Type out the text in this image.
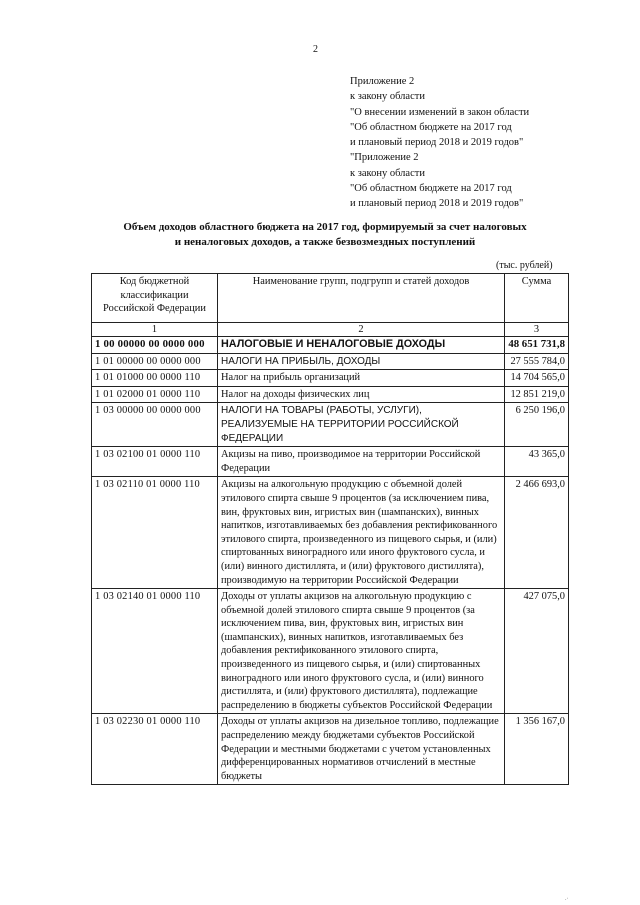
2
Приложение 2
к закону области
"О внесении изменений в закон области
"Об областном бюджете на 2017 год
и плановый период 2018 и 2019 годов"
"Приложение 2
к закону области
"Об областном бюджете на 2017 год
и плановый период 2018 и 2019 годов"
Объем доходов областного бюджета на 2017 год, формируемый за счет налоговых
и неналоговых доходов, а также безвозмездных поступлений
(тыс. рублей)
Код бюджетной классификации Российской Федерации	Наименование групп, подгрупп и статей доходов	Сумма
1	2	3
1 00 00000 00 0000 000	НАЛОГОВЫЕ И НЕНАЛОГОВЫЕ ДОХОДЫ	48 651 731,8
1 01 00000 00 0000 000	НАЛОГИ НА ПРИБЫЛЬ, ДОХОДЫ	27 555 784,0
1 01 01000 00 0000 110	Налог на прибыль организаций	14 704 565,0
1 01 02000 01 0000 110	Налог на доходы физических лиц	12 851 219,0
1 03 00000 00 0000 000	НАЛОГИ НА ТОВАРЫ (РАБОТЫ, УСЛУГИ), РЕАЛИЗУЕМЫЕ НА ТЕРРИТОРИИ РОССИЙСКОЙ ФЕДЕРАЦИИ	6 250 196,0
1 03 02100 01 0000 110	Акцизы на пиво, производимое на территории Российской Федерации	43 365,0
1 03 02110 01 0000 110	Акцизы на алкогольную продукцию с объемной долей этилового спирта свыше 9 процентов (за исключением пива, вин, фруктовых вин, игристых вин (шампанских), винных напитков, изготавливаемых без добавления ректификованного этилового спирта, произведенного из пищевого сырья, и (или) спиртованных виноградного или иного фруктового сусла, и (или) винного дистиллята, и (или) фруктового дистиллята), производимую на территории Российской Федерации	2 466 693,0
1 03 02140 01 0000 110	Доходы от уплаты акцизов на алкогольную продукцию с объемной долей этилового спирта свыше 9 процентов (за исключением пива, вин, фруктовых вин, игристых вин (шампанских), винных напитков, изготавливаемых без добавления ректификованного этилового спирта, произведенного из пищевого сырья, и (или) спиртованных виноградного или иного фруктового сусла, и (или) винного дистиллята, и (или) фруктового дистиллята), подлежащие распределению в бюджеты субъектов Российской Федерации	427 075,0
1 03 02230 01 0000 110	Доходы от уплаты акцизов на дизельное топливо, подлежащие распределению между бюджетами субъектов Российской Федерации и местными бюджетами с учетом установленных дифференцированных нормативов отчислений в местные бюджеты	1 356 167,0
.·
